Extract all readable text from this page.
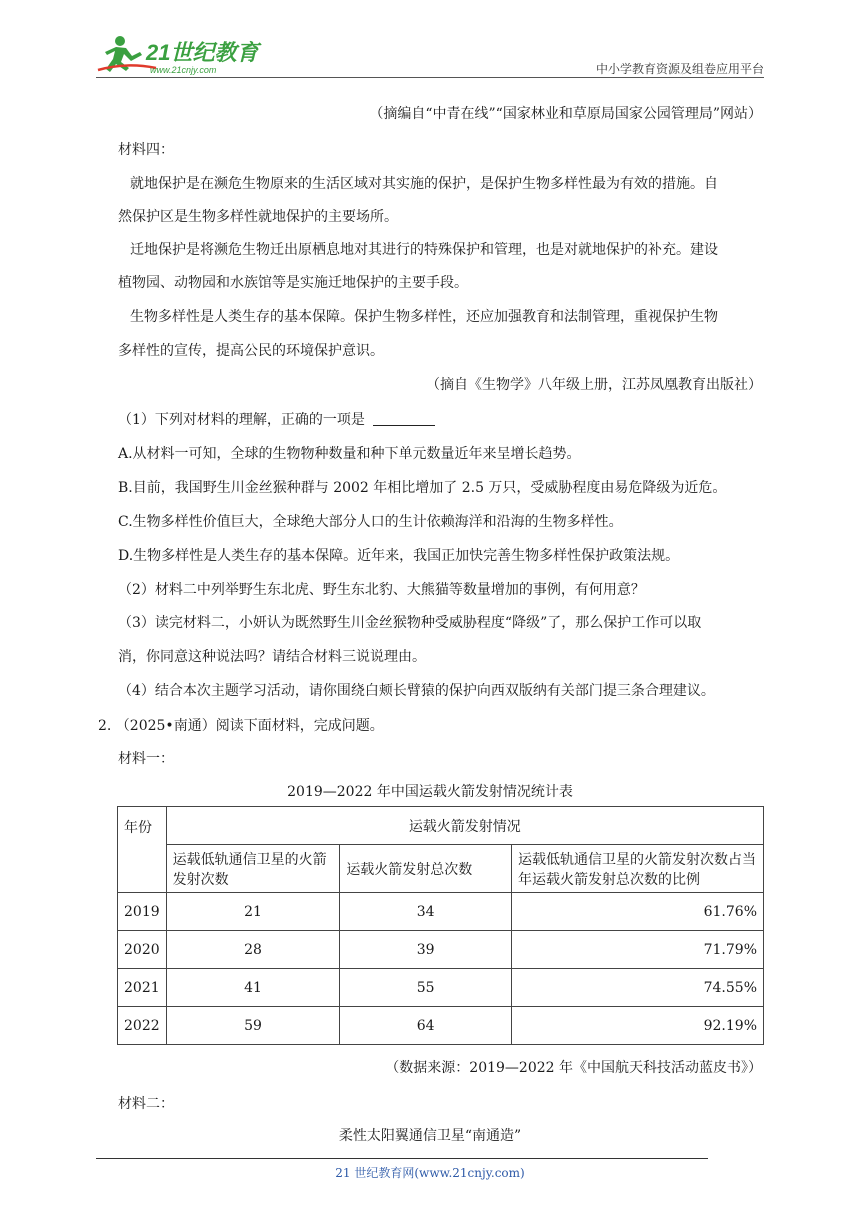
21世纪教育
www.21cnjy.com	中小学教育资源及组卷应用平台
（摘编自“中青在线”“国家林业和草原局国家公园管理局”网站）
材料四：
就地保护是在濒危生物原来的生活区域对其实施的保护，是保护生物多样性最为有效的措施。自
然保护区是生物多样性就地保护的主要场所。
迁地保护是将濒危生物迁出原栖息地对其进行的特殊保护和管理，也是对就地保护的补充。建设
植物园、动物园和水族馆等是实施迁地保护的主要手段。
生物多样性是人类生存的基本保障。保护生物多样性，还应加强教育和法制管理，重视保护生物
多样性的宣传，提高公民的环境保护意识。
（摘自《生物学》八年级上册，江苏凤凰教育出版社）
（1）下列对材料的理解，正确的一项是
A.从材料一可知，全球的生物物种数量和种下单元数量近年来呈增长趋势。
B.目前，我国野生川金丝猴种群与 2002 年相比增加了 2.5 万只，受威胁程度由易危降级为近危。
C.生物多样性价值巨大，全球绝大部分人口的生计依赖海洋和沿海的生物多样性。
D.生物多样性是人类生存的基本保障。近年来，我国正加快完善生物多样性保护政策法规。
（2）材料二中列举野生东北虎、野生东北豹、大熊猫等数量增加的事例，有何用意？
（3）读完材料二，小妍认为既然野生川金丝猴物种受威胁程度“降级”了，那么保护工作可以取
消，你同意这种说法吗？请结合材料三说说理由。
（4）结合本次主题学习活动，请你围绕白颊长臂猿的保护向西双版纳有关部门提三条合理建议。
2. （2025•南通）阅读下面材料，完成问题。
材料一：
2019—2022 年中国运载火箭发射情况统计表
年份	运载火箭发射情况		
	运载低轨通信卫星的火箭发射次数	运载火箭发射总次数	运载低轨通信卫星的火箭发射次数占当年运载火箭发射总次数的比例
2019	21	34	61.76%
2020	28	39	71.79%
2021	41	55	74.55%
2022	59	64	92.19%
（数据来源：2019—2022 年《中国航天科技活动蓝皮书》）
材料二：
柔性太阳翼通信卫星“南通造”
21 世纪教育网(www.21cnjy.com)
